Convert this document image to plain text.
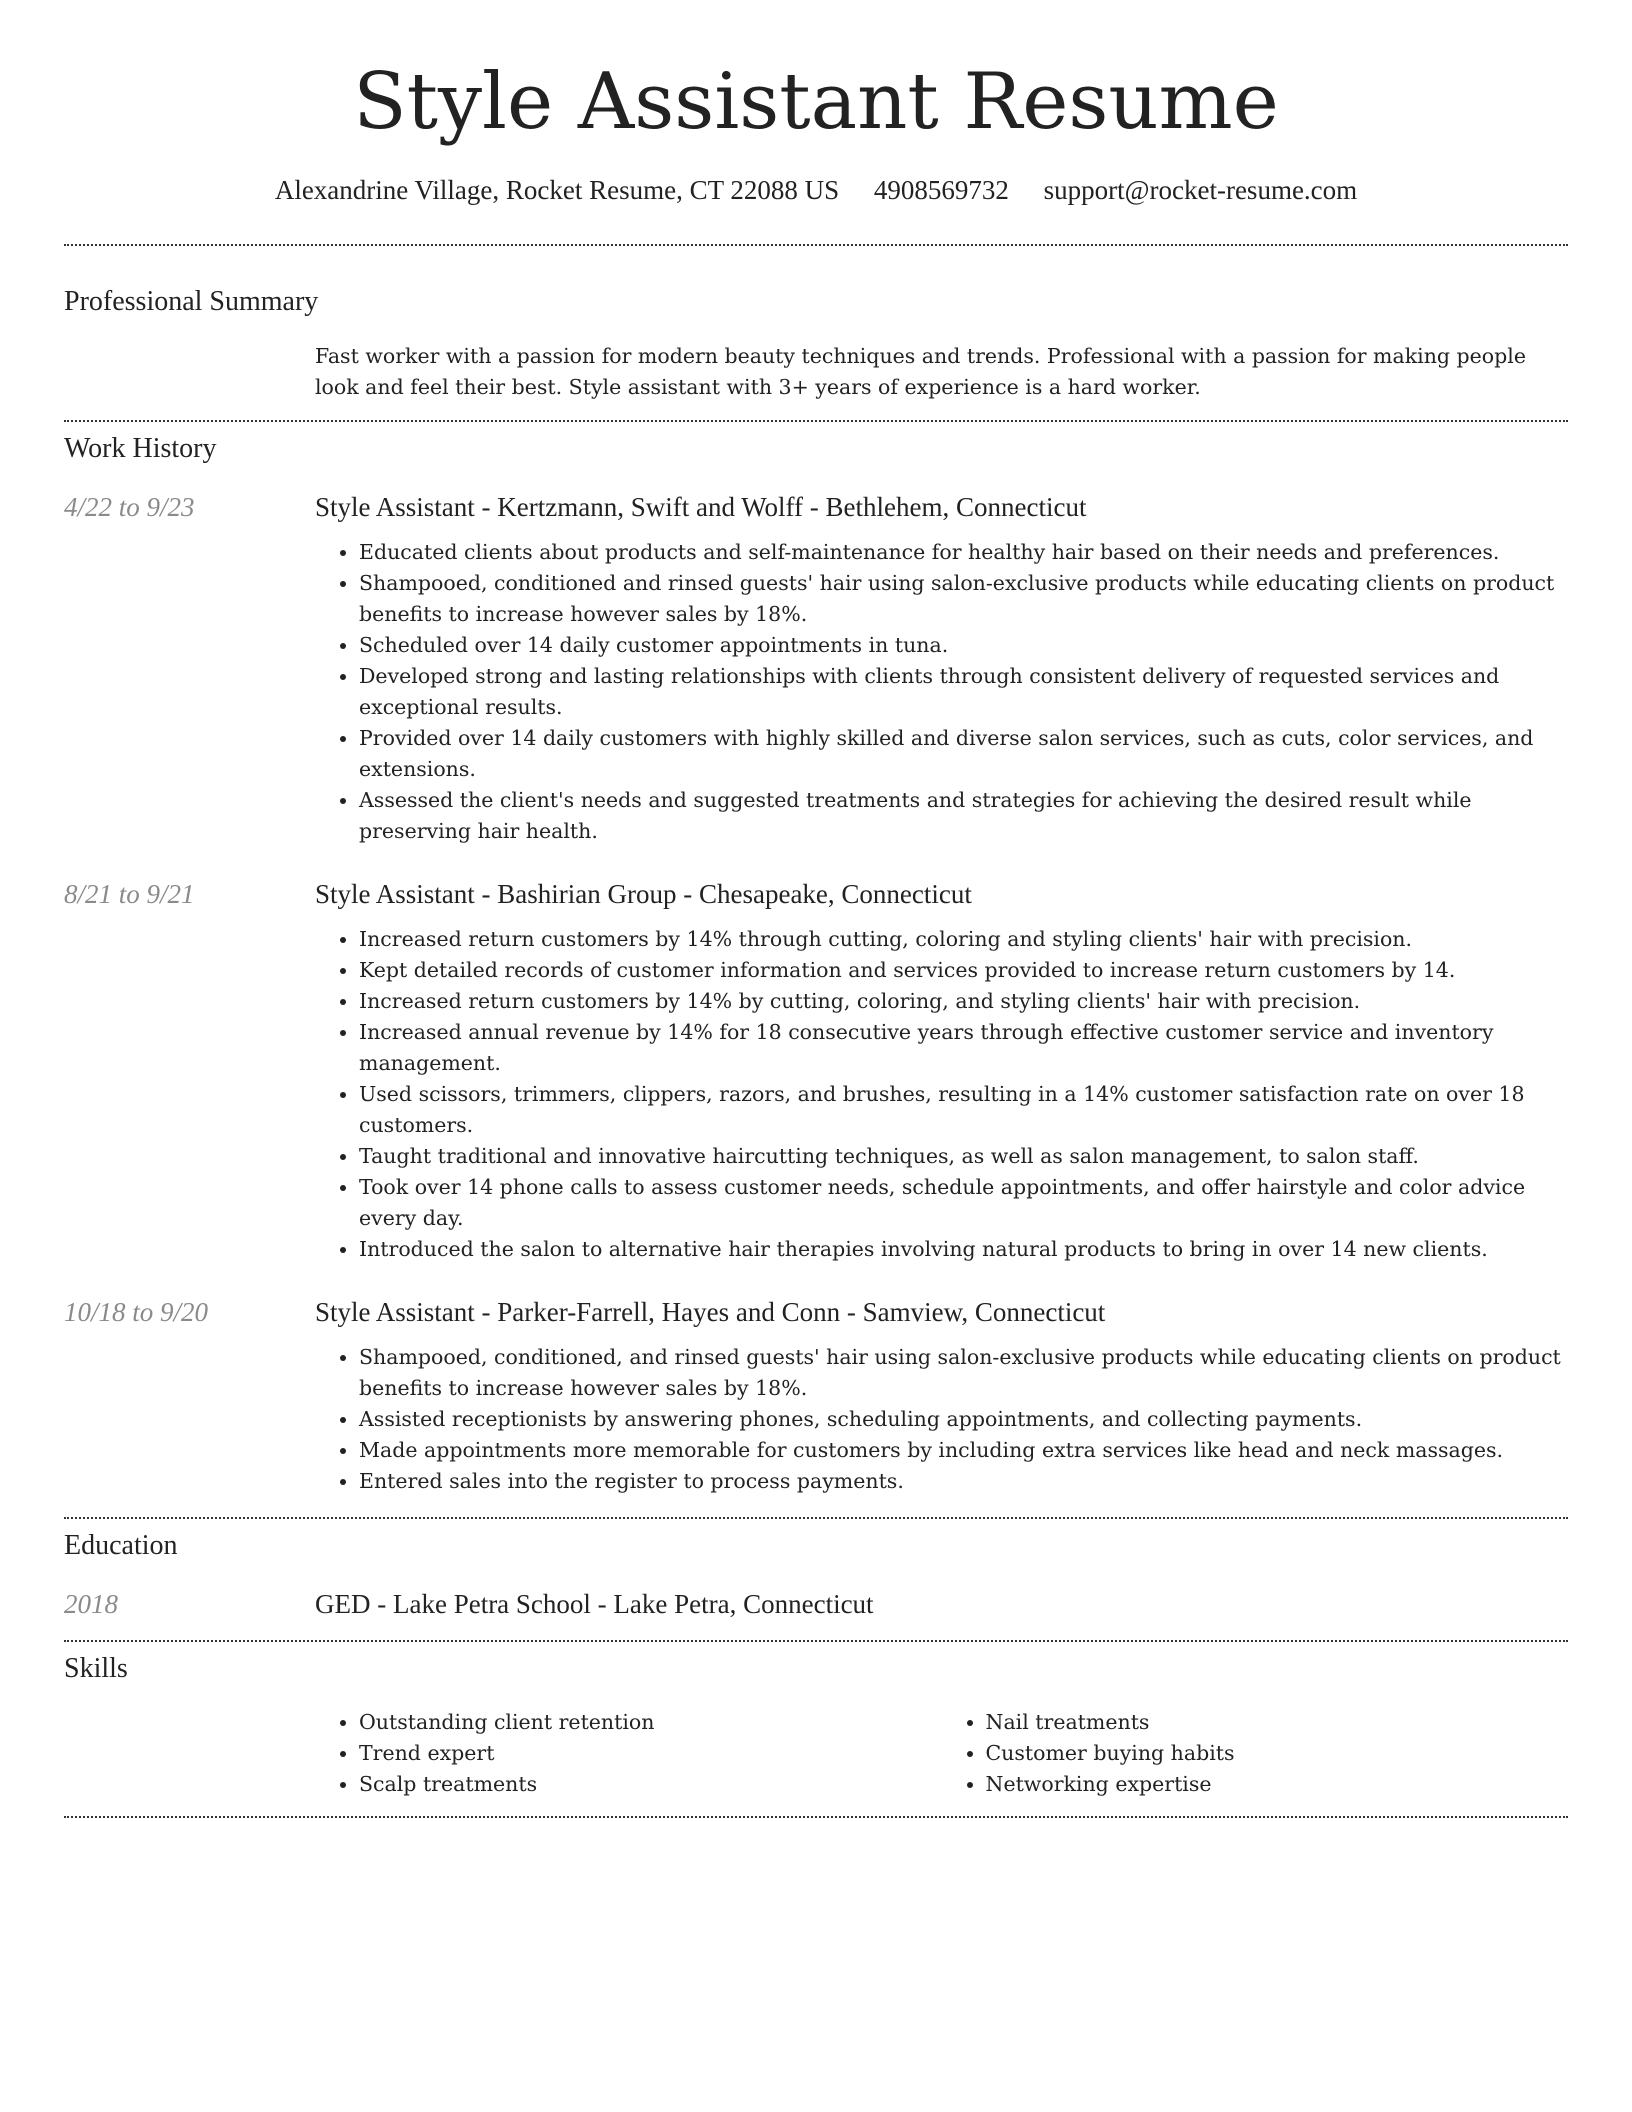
Style Assistant Resume
Alexandrine Village, Rocket Resume, CT 22088 US 4908569732 support@rocket-resume.com
Professional Summary
Fast worker with a passion for modern beauty techniques and trends. Professional with a passion for making people look and feel their best. Style assistant with 3+ years of experience is a hard worker.
Work History
4/22 to 9/23	Style Assistant - Kertzmann, Swift and Wolff - Bethlehem, Connecticut
• Educated clients about products and self-maintenance for healthy hair based on their needs and preferences.
• Shampooed, conditioned and rinsed guests' hair using salon-exclusive products while educating clients on product benefits to increase however sales by 18%.
• Scheduled over 14 daily customer appointments in tuna.
• Developed strong and lasting relationships with clients through consistent delivery of requested services and exceptional results.
• Provided over 14 daily customers with highly skilled and diverse salon services, such as cuts, color services, and extensions.
• Assessed the client's needs and suggested treatments and strategies for achieving the desired result while preserving hair health.
8/21 to 9/21	Style Assistant - Bashirian Group - Chesapeake, Connecticut
• Increased return customers by 14% through cutting, coloring and styling clients' hair with precision.
• Kept detailed records of customer information and services provided to increase return customers by 14.
• Increased return customers by 14% by cutting, coloring, and styling clients' hair with precision.
• Increased annual revenue by 14% for 18 consecutive years through effective customer service and inventory management.
• Used scissors, trimmers, clippers, razors, and brushes, resulting in a 14% customer satisfaction rate on over 18 customers.
• Taught traditional and innovative haircutting techniques, as well as salon management, to salon staff.
• Took over 14 phone calls to assess customer needs, schedule appointments, and offer hairstyle and color advice every day.
• Introduced the salon to alternative hair therapies involving natural products to bring in over 14 new clients.
10/18 to 9/20	Style Assistant - Parker-Farrell, Hayes and Conn - Samview, Connecticut
• Shampooed, conditioned, and rinsed guests' hair using salon-exclusive products while educating clients on product benefits to increase however sales by 18%.
• Assisted receptionists by answering phones, scheduling appointments, and collecting payments.
• Made appointments more memorable for customers by including extra services like head and neck massages.
• Entered sales into the register to process payments.
Education
2018	GED - Lake Petra School - Lake Petra, Connecticut
Skills
• Outstanding client retention
• Trend expert
• Scalp treatments
• Nail treatments
• Customer buying habits
• Networking expertise
